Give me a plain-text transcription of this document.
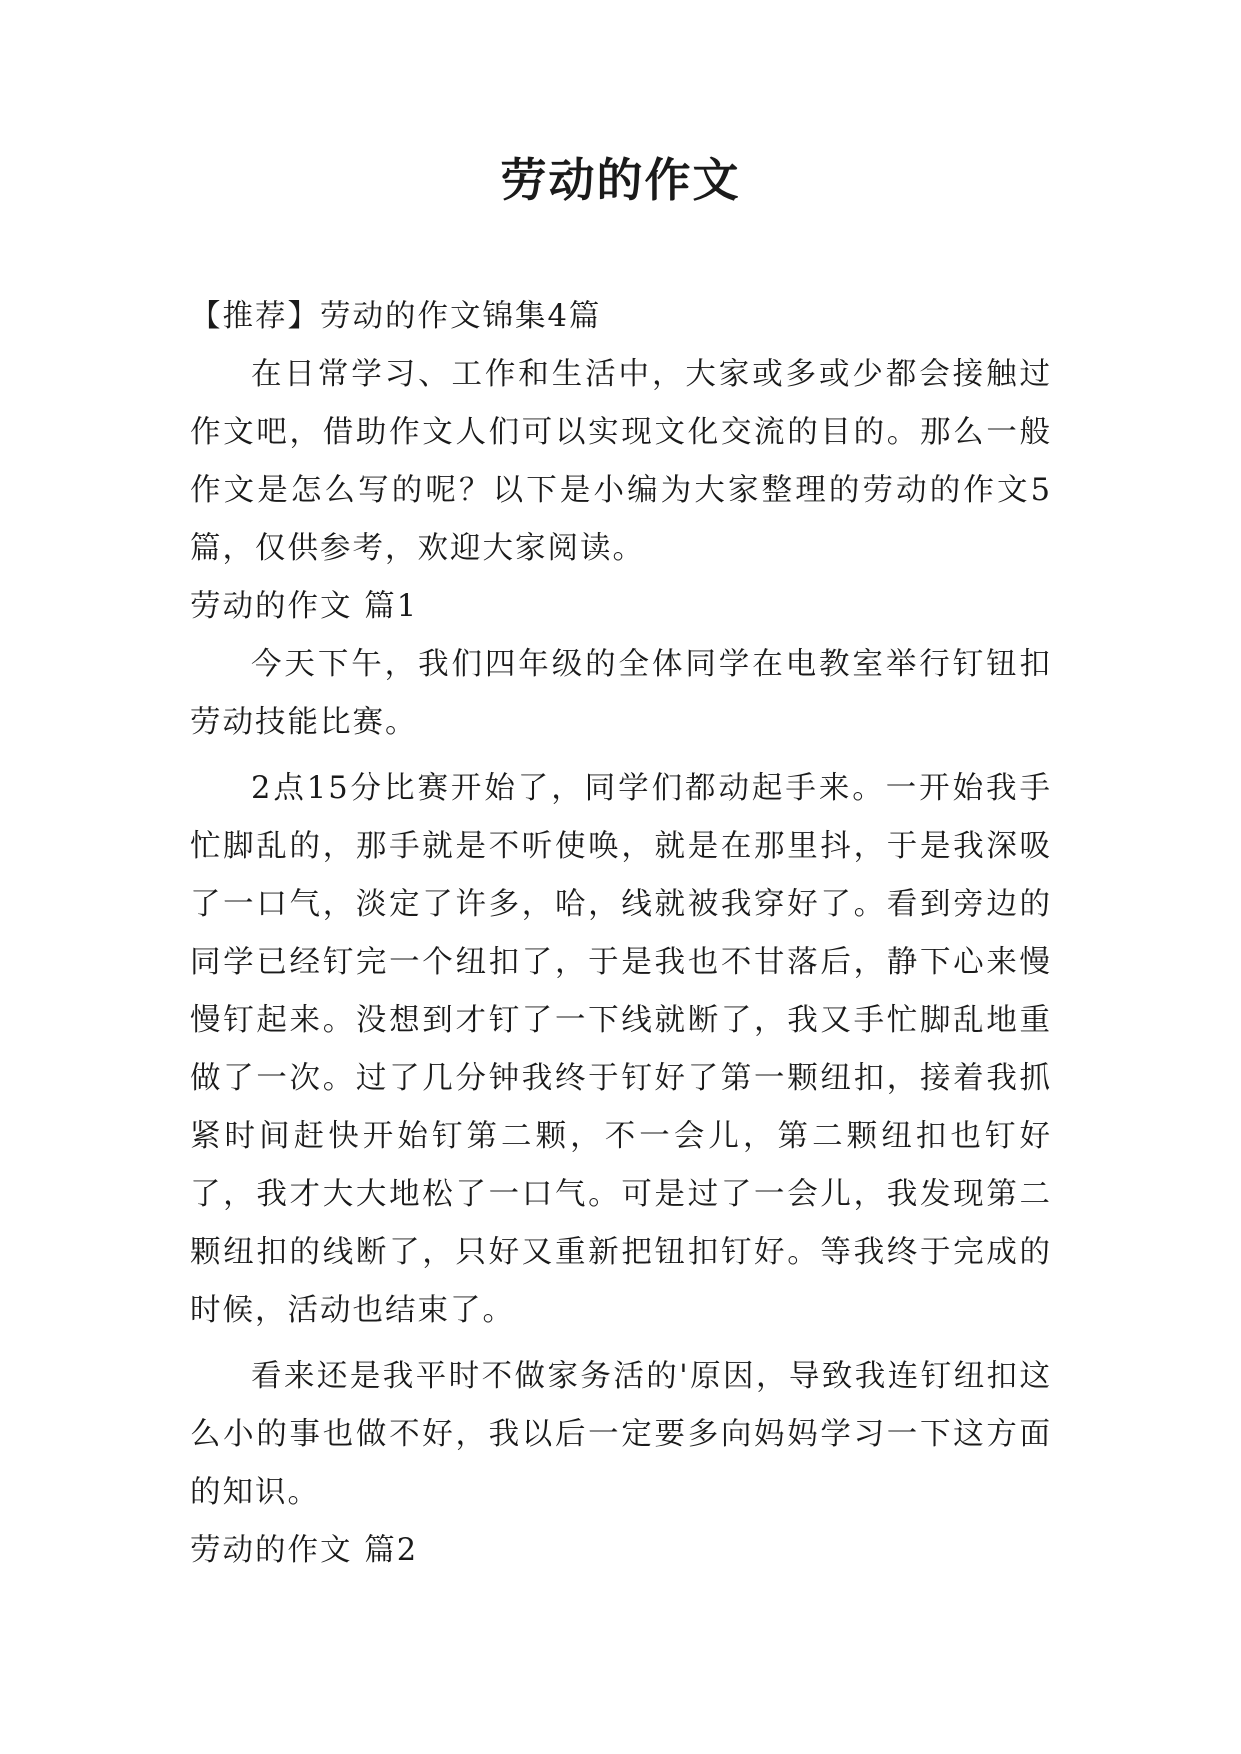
劳动的作文

【推荐】劳动的作文锦集4篇

在日常学习、工作和生活中，大家或多或少都会接触过作文吧，借助作文人们可以实现文化交流的目的。那么一般作文是怎么写的呢？以下是小编为大家整理的劳动的作文5篇，仅供参考，欢迎大家阅读。

劳动的作文 篇1

今天下午，我们四年级的全体同学在电教室举行钉钮扣劳动技能比赛。

2点15分比赛开始了，同学们都动起手来。一开始我手忙脚乱的，那手就是不听使唤，就是在那里抖，于是我深吸了一口气，淡定了许多，哈，线就被我穿好了。看到旁边的同学已经钉完一个纽扣了，于是我也不甘落后，静下心来慢慢钉起来。没想到才钉了一下线就断了，我又手忙脚乱地重做了一次。过了几分钟我终于钉好了第一颗纽扣，接着我抓紧时间赶快开始钉第二颗，不一会儿，第二颗纽扣也钉好了，我才大大地松了一口气。可是过了一会儿，我发现第二颗纽扣的线断了，只好又重新把钮扣钉好。等我终于完成的时候，活动也结束了。

看来还是我平时不做家务活的'原因，导致我连钉纽扣这么小的事也做不好，我以后一定要多向妈妈学习一下这方面的知识。

劳动的作文 篇2
